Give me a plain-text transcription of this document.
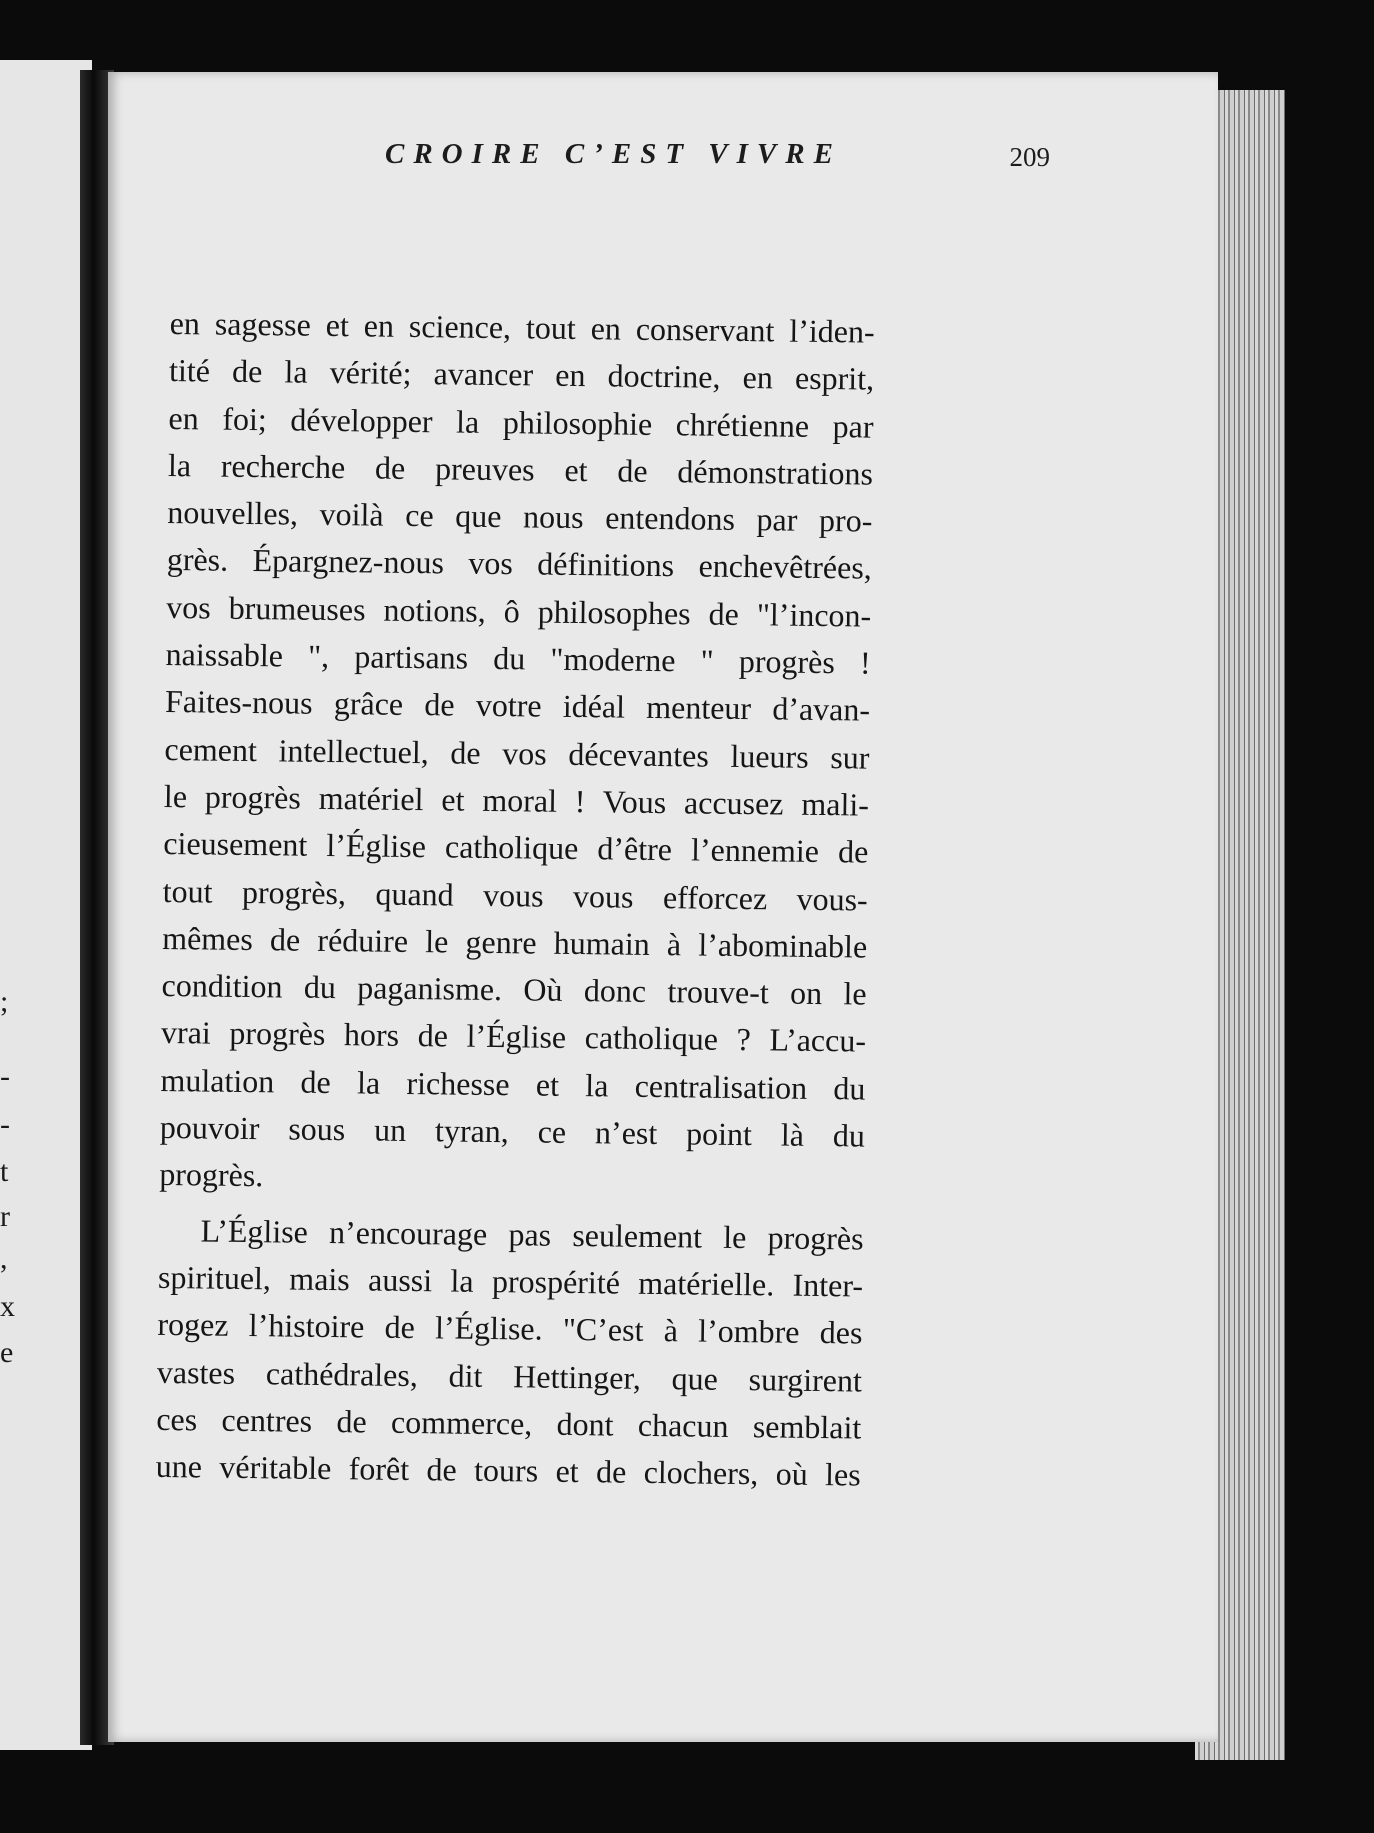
;
-
-
t
r
,
x
e
CROIRE C’EST VIVRE	209
en sagesse et en science, tout en conservant l’iden-
tité de la vérité; avancer en doctrine, en esprit,
en foi; développer la philosophie chrétienne par
la recherche de preuves et de démonstrations
nouvelles, voilà ce que nous entendons par pro-
grès. Épargnez-nous vos définitions enchevêtrées,
vos brumeuses notions, ô philosophes de "l’incon-
naissable ", partisans du "moderne " progrès !
Faites-nous grâce de votre idéal menteur d’avan-
cement intellectuel, de vos décevantes lueurs sur
le progrès matériel et moral ! Vous accusez mali-
cieusement l’Église catholique d’être l’ennemie de
tout progrès, quand vous vous efforcez vous-
mêmes de réduire le genre humain à l’abominable
condition du paganisme. Où donc trouve-t on le
vrai progrès hors de l’Église catholique ? L’accu-
mulation de la richesse et la centralisation du
pouvoir sous un tyran, ce n’est point là du
progrès.
L’Église n’encourage pas seulement le progrès
spirituel, mais aussi la prospérité matérielle. Inter-
rogez l’histoire de l’Église. "C’est à l’ombre des
vastes cathédrales, dit Hettinger, que surgirent
ces centres de commerce, dont chacun semblait
une véritable forêt de tours et de clochers, où les
